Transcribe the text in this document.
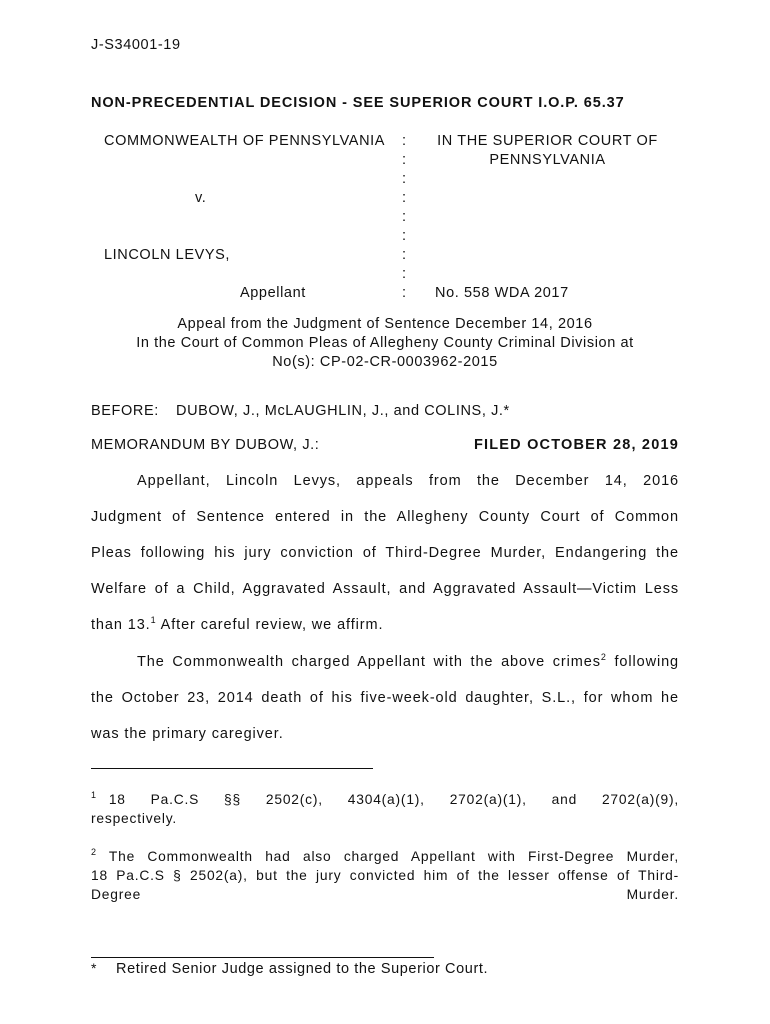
J-S34001-19
NON-PRECEDENTIAL DECISION - SEE SUPERIOR COURT I.O.P. 65.37
COMMONWEALTH OF PENNSYLVANIA
v.
LINCOLN LEVYS,
Appellant
:
:
:
:
:
:
:
:
:
IN THE SUPERIOR COURT OF
PENNSYLVANIA
No. 558 WDA 2017
Appeal from the Judgment of Sentence December 14, 2016
In the Court of Common Pleas of Allegheny County Criminal Division at
No(s): CP-02-CR-0003962-2015
BEFORE: DUBOW, J., McLAUGHLIN, J., and COLINS, J.*
MEMORANDUM BY DUBOW, J.:	FILED OCTOBER 28, 2019
Appellant, Lincoln Levys, appeals from the December 14, 2016
Judgment of Sentence entered in the Allegheny County Court of Common
Pleas following his jury conviction of Third-Degree Murder, Endangering the
Welfare of a Child, Aggravated Assault, and Aggravated Assault—Victim Less
than 13.$^1$ After careful review, we affirm.
The Commonwealth charged Appellant with the above crimes$^2$ following
the October 23, 2014 death of his five-week-old daughter, S.L., for whom he
was the primary caregiver.
$^1$ 18 Pa.C.S §§ 2502(c), 4304(a)(1), 2702(a)(1), and 2702(a)(9),
respectively.
$^2$ The Commonwealth had also charged Appellant with First-Degree Murder,
18 Pa.C.S § 2502(a), but the jury convicted him of the lesser offense of Third-
Degree Murder.
* Retired Senior Judge assigned to the Superior Court.
